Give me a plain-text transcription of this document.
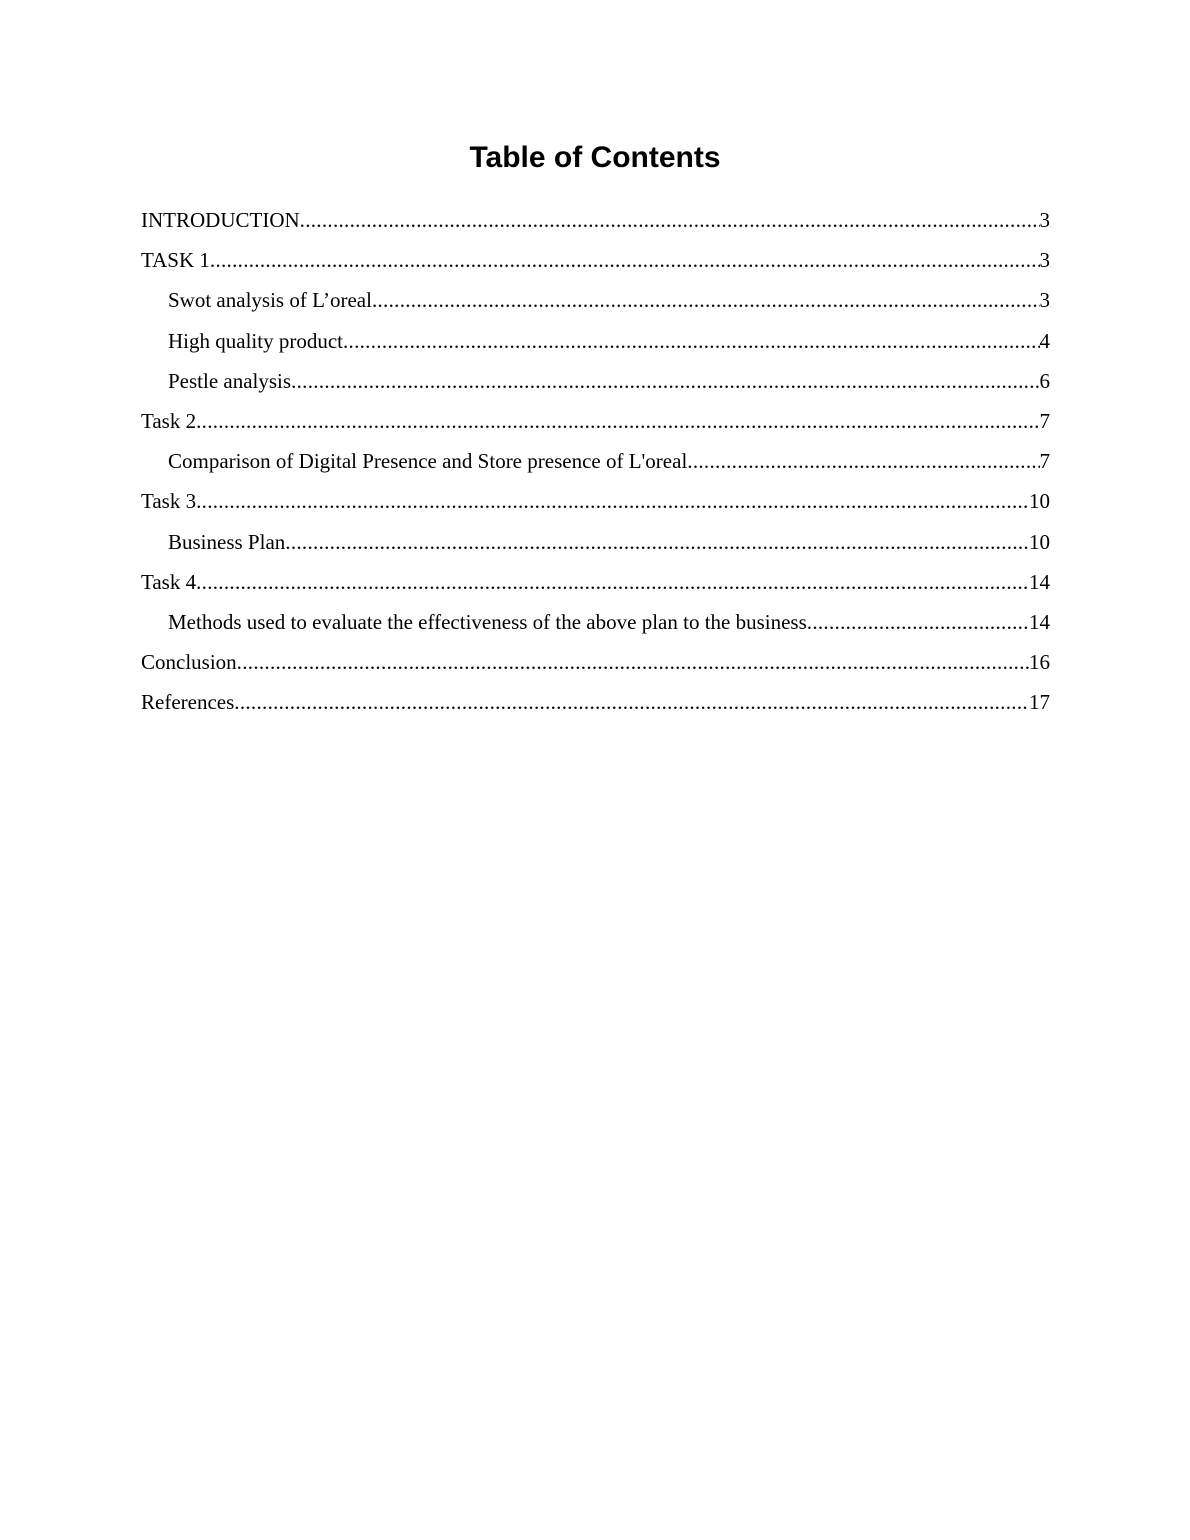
Table of Contents
INTRODUCTION .....	3
TASK 1 .....	3
Swot analysis of L’oreal .....	3
High quality product .....	4
Pestle analysis .....	6
Task 2 .....	7
Comparison of Digital Presence and Store presence of L'oreal .....	7
Task 3 .....	10
Business Plan .....	10
Task 4 .....	14
Methods used to evaluate the effectiveness of the above plan to the business .....	14
Conclusion .....	16
References .....	17
